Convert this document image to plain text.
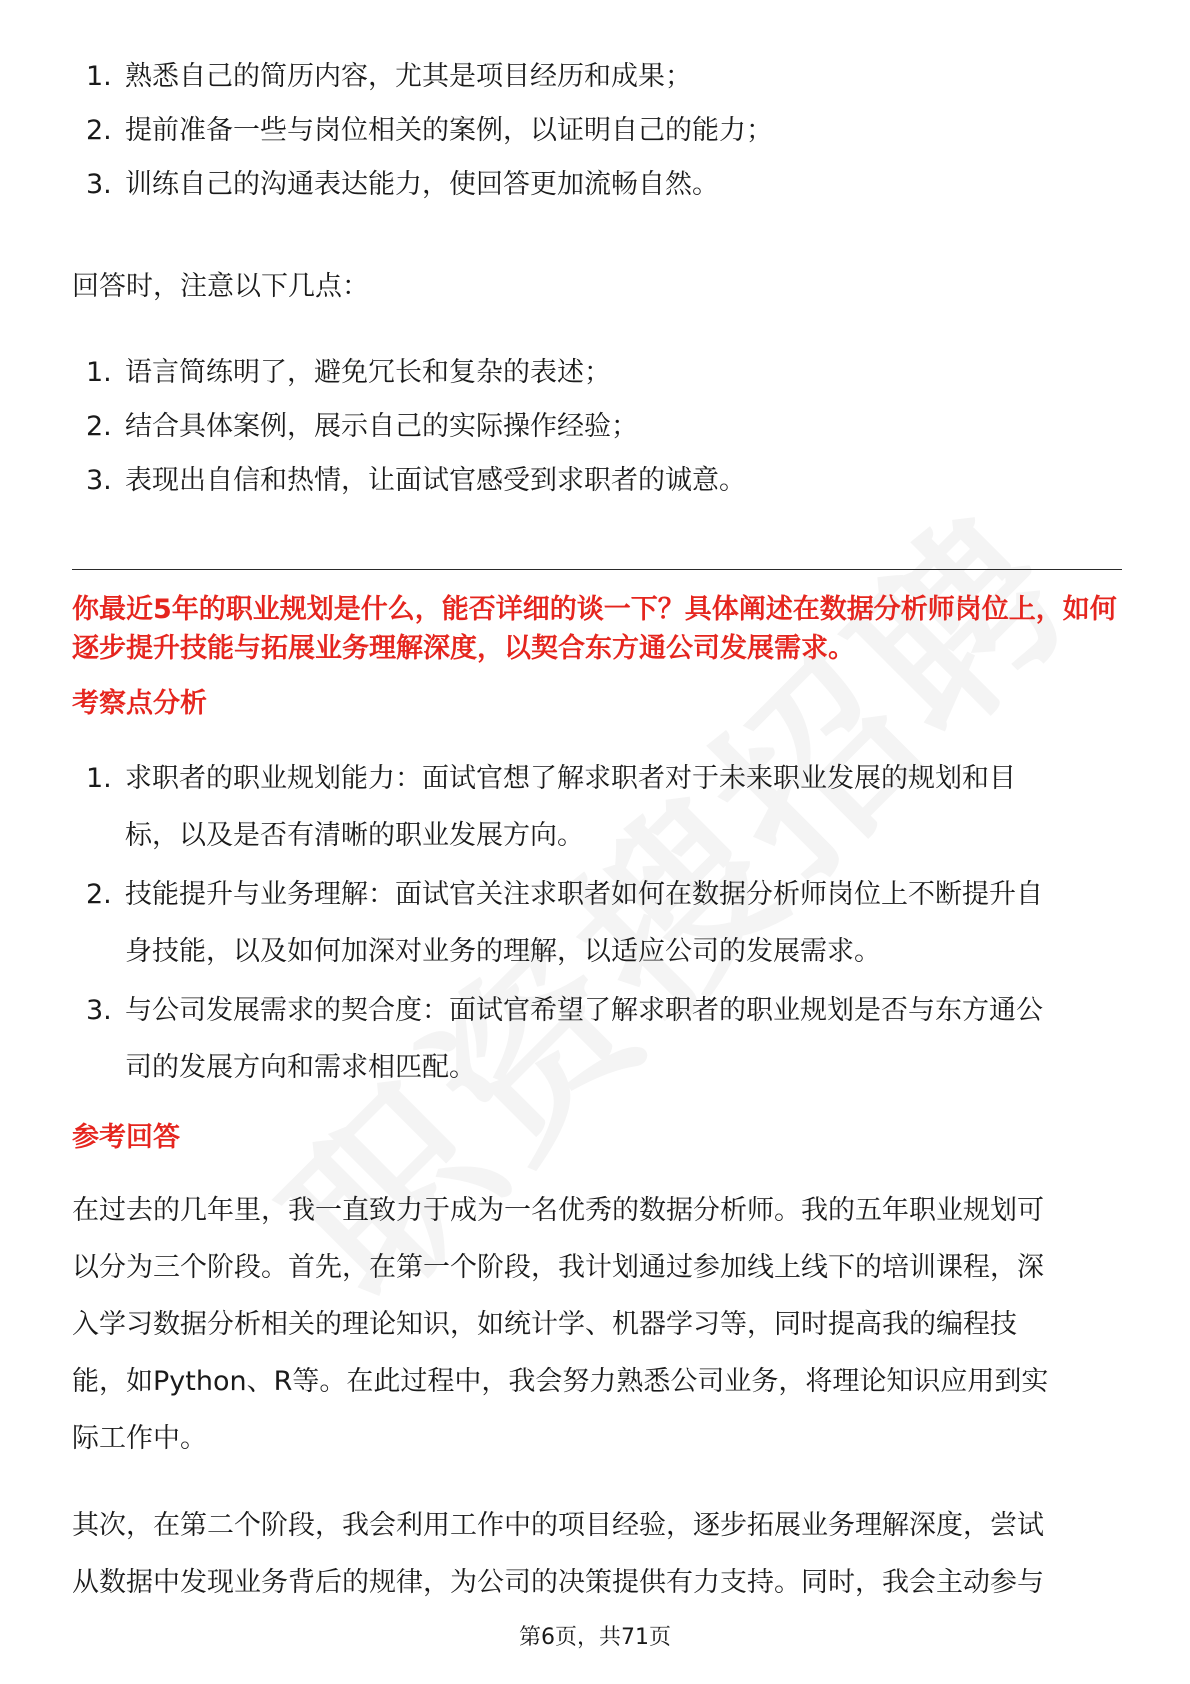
1. 熟悉自己的简历内容，尤其是项目经历和成果；
2. 提前准备一些与岗位相关的案例，以证明自己的能力；
3. 训练自己的沟通表达能力，使回答更加流畅自然。
回答时，注意以下几点：
1. 语言简练明了，避免冗长和复杂的表述；
2. 结合具体案例，展示自己的实际操作经验；
3. 表现出自信和热情，让面试官感受到求职者的诚意。
你最近5年的职业规划是什么，能否详细的谈一下？具体阐述在数据分析师岗位上，如何逐步提升技能与拓展业务理解深度，以契合东方通公司发展需求。
考察点分析
1. 求职者的职业规划能力：面试官想了解求职者对于未来职业发展的规划和目
标，以及是否有清晰的职业发展方向。
2. 技能提升与业务理解：面试官关注求职者如何在数据分析师岗位上不断提升自
身技能，以及如何加深对业务的理解，以适应公司的发展需求。
3. 与公司发展需求的契合度：面试官希望了解求职者的职业规划是否与东方通公
司的发展方向和需求相匹配。
参考回答
在过去的几年里，我一直致力于成为一名优秀的数据分析师。我的五年职业规划可
以分为三个阶段。首先，在第一个阶段，我计划通过参加线上线下的培训课程，深
入学习数据分析相关的理论知识，如统计学、机器学习等，同时提高我的编程技
能，如Python、R等。在此过程中，我会努力熟悉公司业务，将理论知识应用到实
际工作中。
其次，在第二个阶段，我会利用工作中的项目经验，逐步拓展业务理解深度，尝试
从数据中发现业务背后的规律，为公司的决策提供有力支持。同时，我会主动参与
第6页，共71页
